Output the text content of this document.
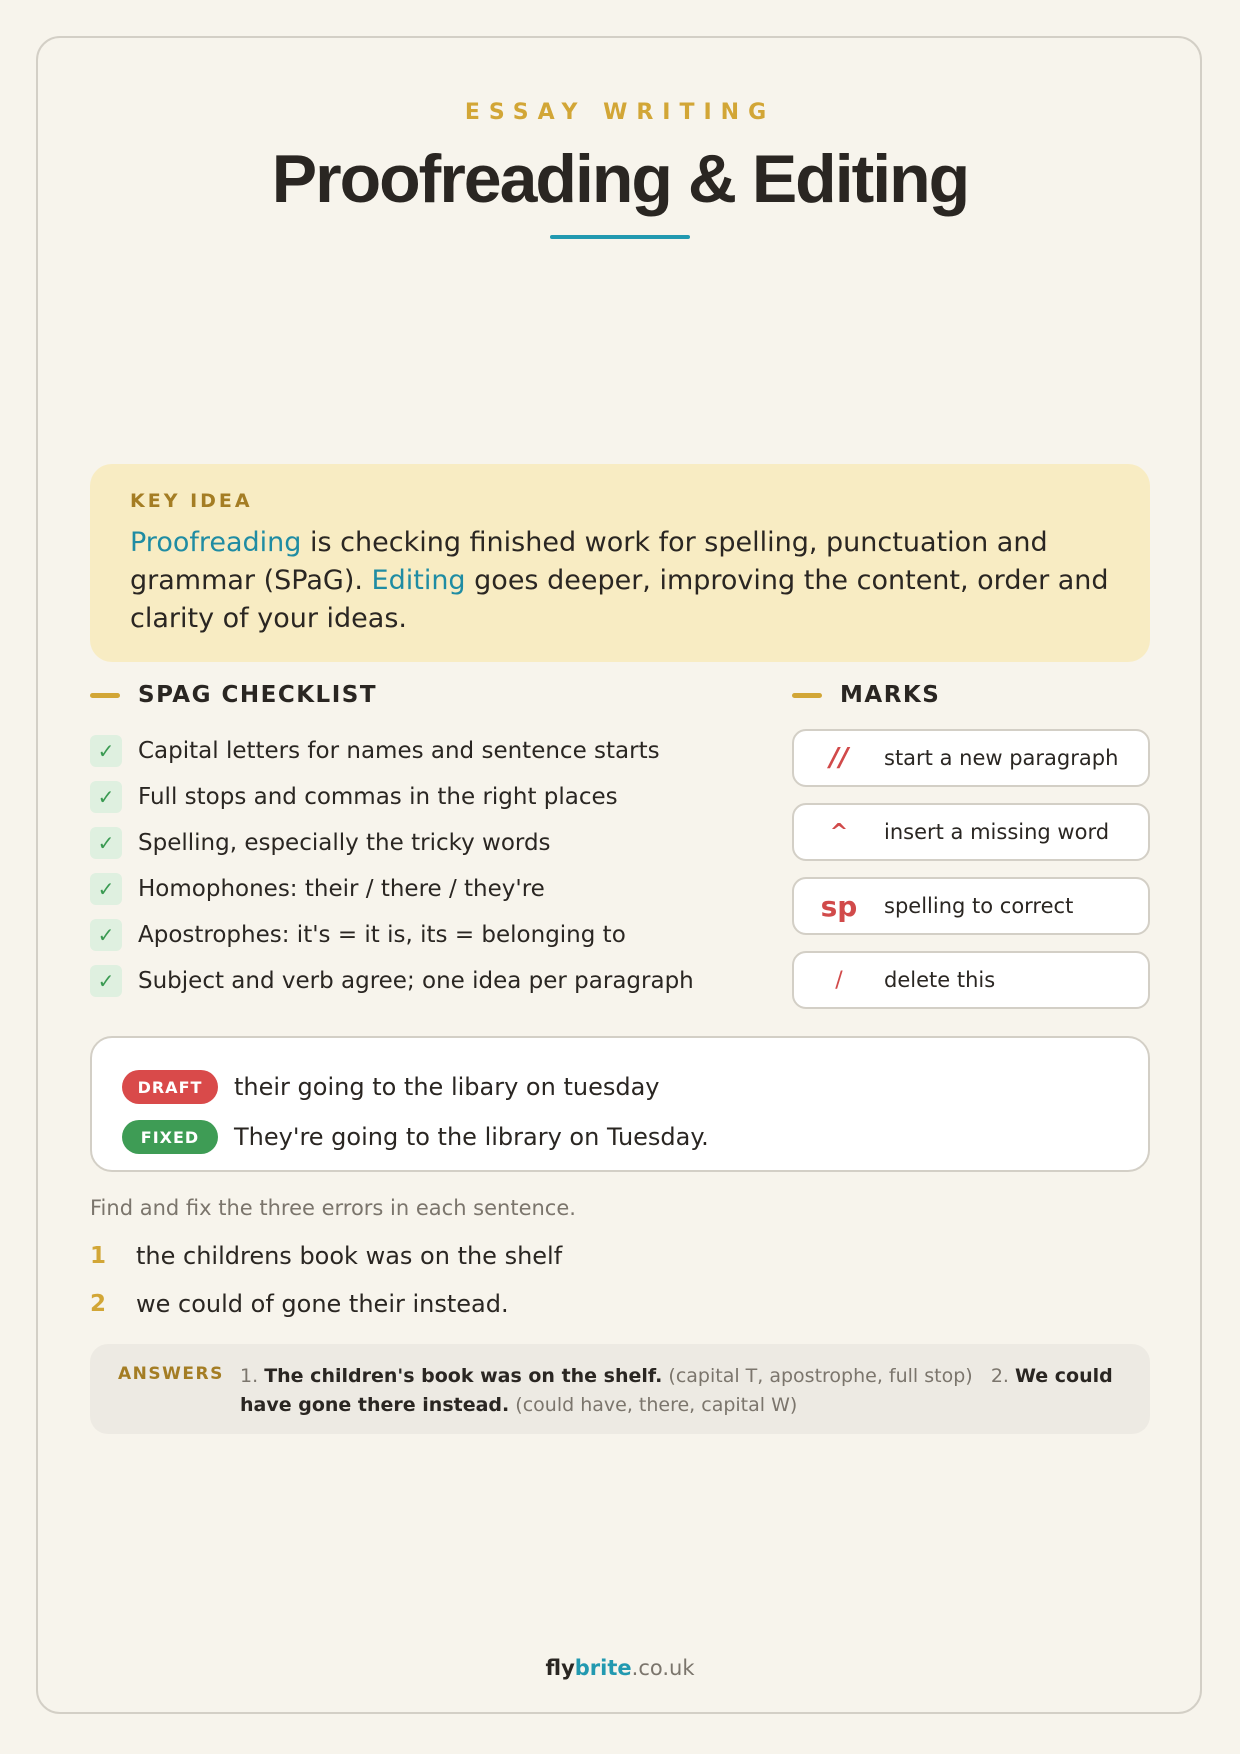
ESSAY WRITING
Proofreading & Editing
KEY IDEA
Proofreading is checking finished work for spelling, punctuation and grammar (SPaG). Editing goes deeper, improving the content, order and clarity of your ideas.
SPAG CHECKLIST
✓	Capital letters for names and sentence starts
✓	Full stops and commas in the right places
✓	Spelling, especially the tricky words
✓	Homophones: their / there / they're
✓	Apostrophes: it's = it is, its = belonging to
✓	Subject and verb agree; one idea per paragraph
MARKS
//	start a new paragraph
^	insert a missing word
sp	spelling to correct
/	delete this
DRAFT	their going to the libary on tuesday
FIXED	They're going to the library on Tuesday.
Find and fix the three errors in each sentence.
1	the childrens book was on the shelf
2	we could of gone their instead.
ANSWERS 1. The children's book was on the shelf. (capital T, apostrophe, full stop) 2. We could have gone there instead. (could have, there, capital W)
flybrite.co.uk
